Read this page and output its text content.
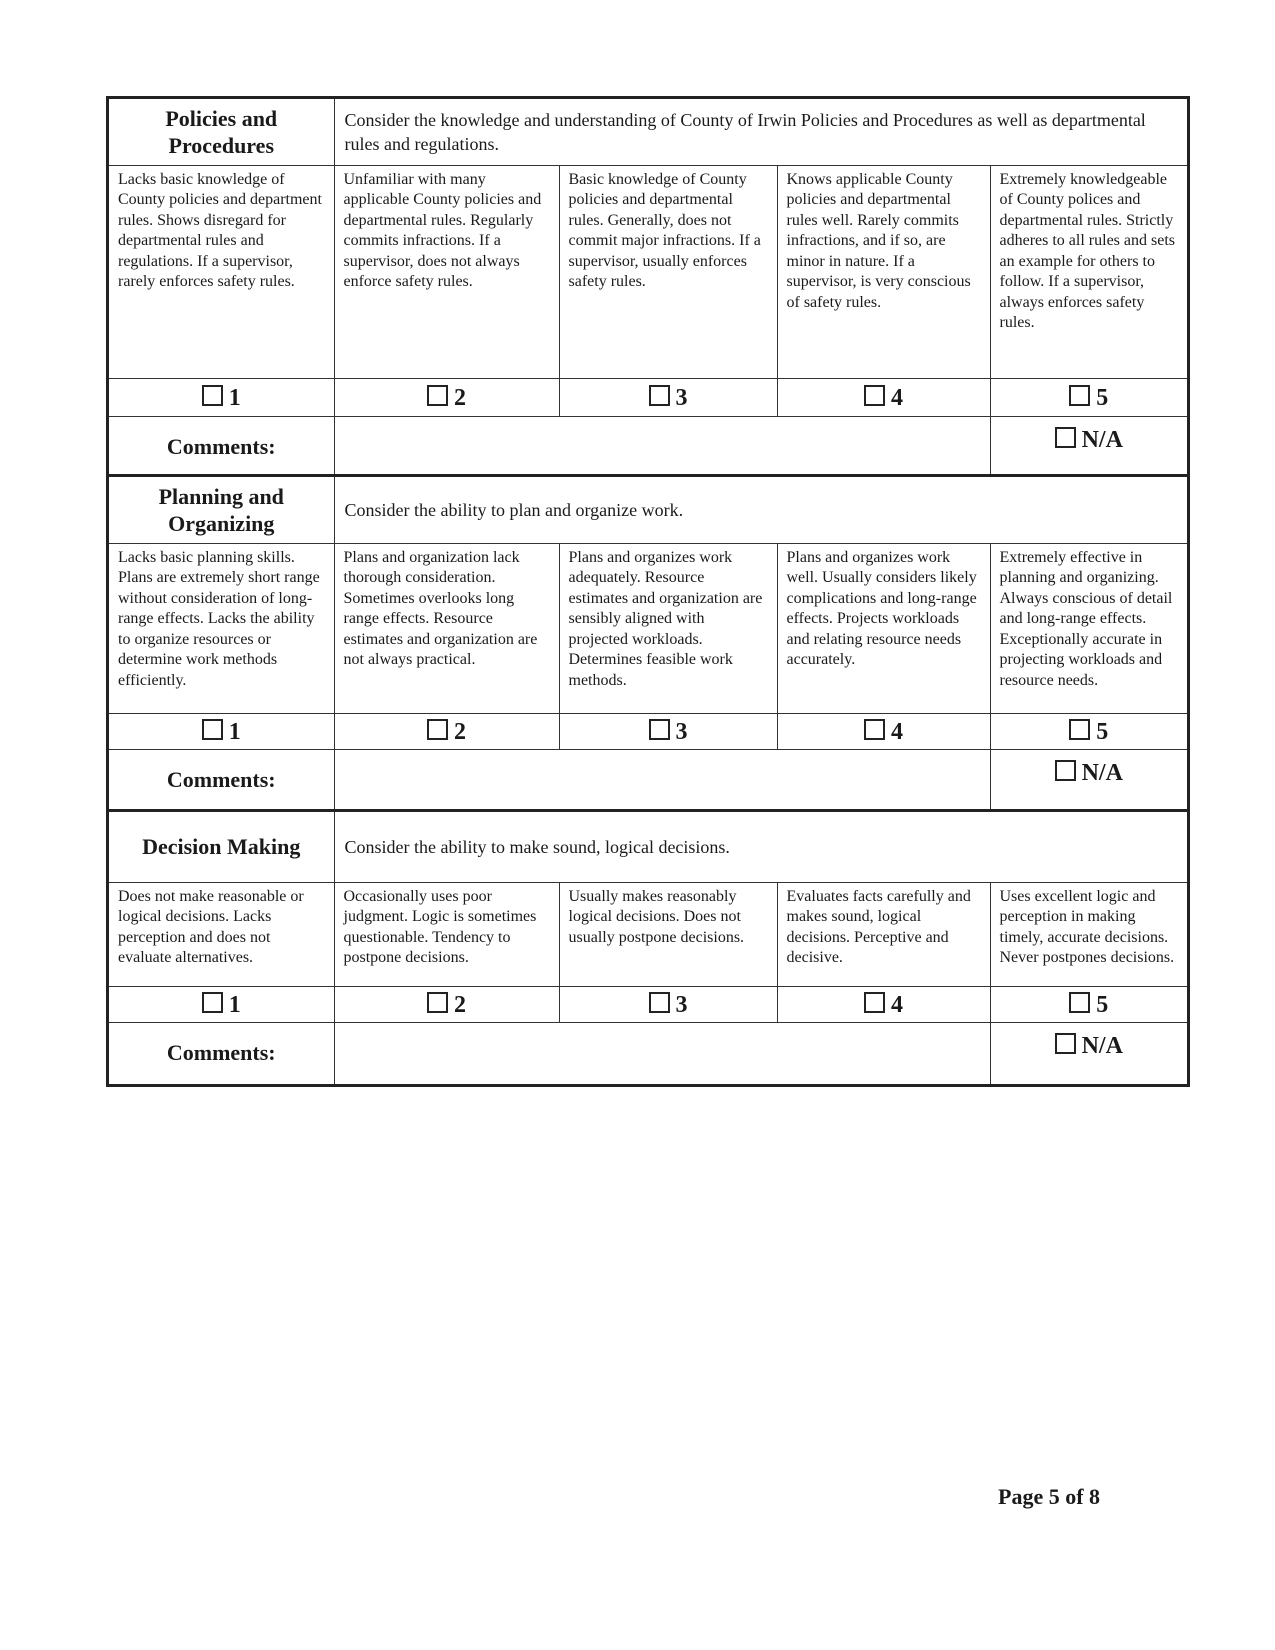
Policies and Procedures	Consider the knowledge and understanding of County of Irwin Policies and Procedures as well as departmental rules and regulations.			
Lacks basic knowledge of County policies and department rules. Shows disregard for departmental rules and regulations. If a supervisor, rarely enforces safety rules.	Unfamiliar with many applicable County policies and departmental rules. Regularly commits infractions. If a supervisor, does not always enforce safety rules.	Basic knowledge of County policies and departmental rules. Generally, does not commit major infractions. If a supervisor, usually enforces safety rules.	Knows applicable County policies and departmental rules well. Rarely commits infractions, and if so, are minor in nature. If a supervisor, is very conscious of safety rules.	Extremely knowledgeable of County polices and departmental rules. Strictly adheres to all rules and sets an example for others to follow. If a supervisor, always enforces safety rules.
1	2	3	4	5
Comments:				N/A
Planning and Organizing	Consider the ability to plan and organize work.			
Lacks basic planning skills. Plans are extremely short range without consideration of long-range effects. Lacks the ability to organize resources or determine work methods efficiently.	Plans and organization lack thorough consideration. Sometimes overlooks long range effects. Resource estimates and organization are not always practical.	Plans and organizes work adequately. Resource estimates and organization are sensibly aligned with projected workloads. Determines feasible work methods.	Plans and organizes work well. Usually considers likely complications and long-range effects. Projects workloads and relating resource needs accurately.	Extremely effective in planning and organizing. Always conscious of detail and long-range effects. Exceptionally accurate in projecting workloads and resource needs.
1	2	3	4	5
Comments:				N/A
Decision Making	Consider the ability to make sound, logical decisions.			
Does not make reasonable or logical decisions. Lacks perception and does not evaluate alternatives.	Occasionally uses poor judgment. Logic is sometimes questionable. Tendency to postpone decisions.	Usually makes reasonably logical decisions. Does not usually postpone decisions.	Evaluates facts carefully and makes sound, logical decisions. Perceptive and decisive.	Uses excellent logic and perception in making timely, accurate decisions. Never postpones decisions.
1	2	3	4	5
Comments:				N/A
Page 5 of 8
